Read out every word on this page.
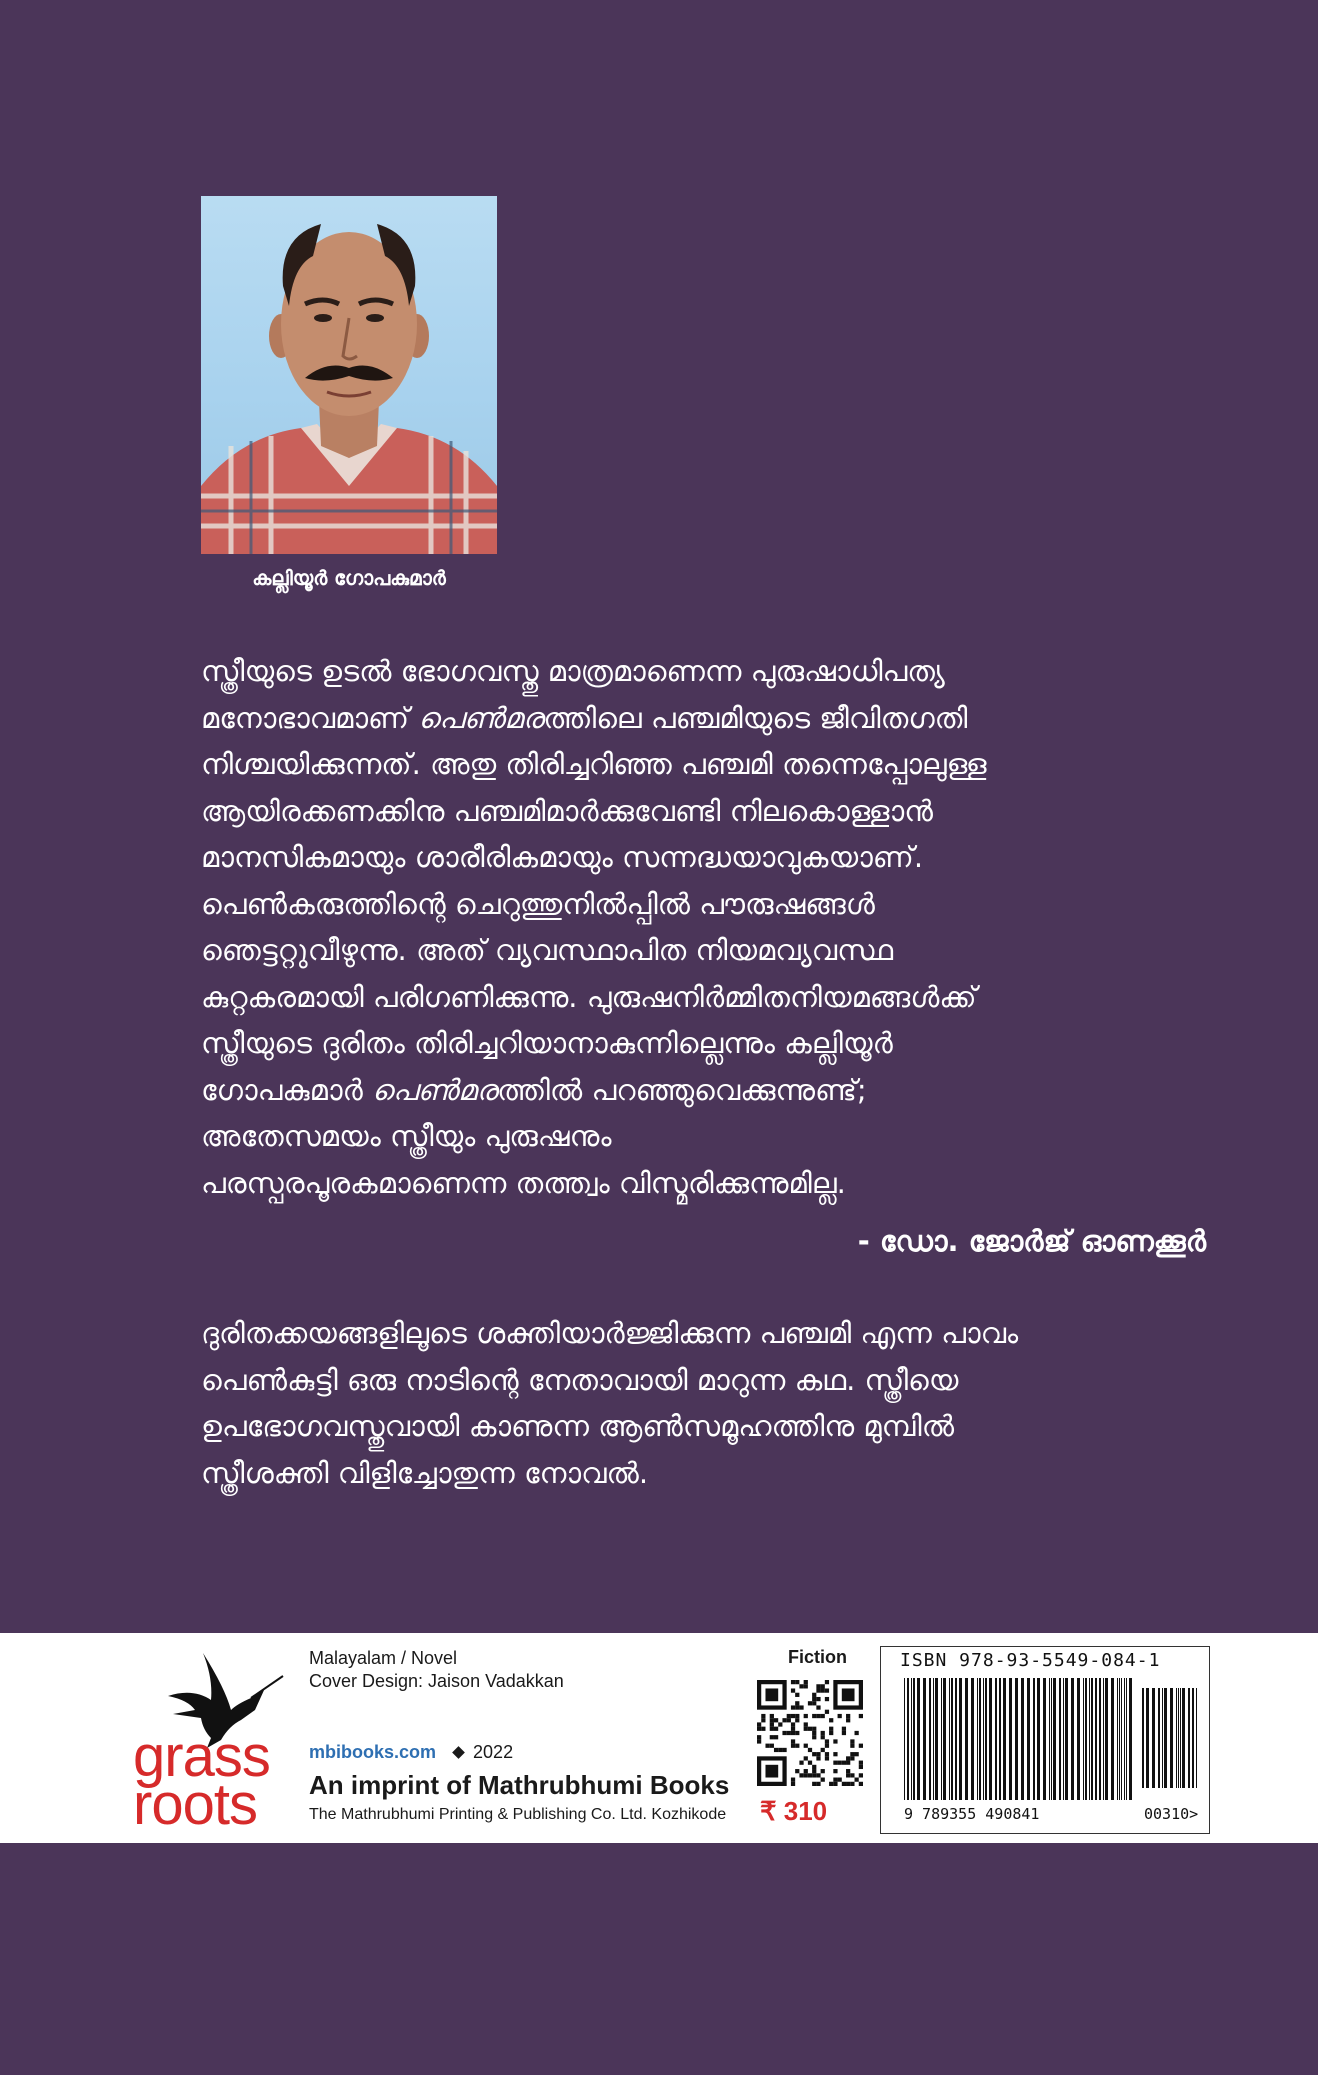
കല്ലിയൂർ ഗോപകുമാർ
സ്ത്രീയുടെ ഉടൽ ഭോഗവസ്തു മാത്രമാണെന്ന പുരുഷാധിപത്യ
മനോഭാവമാണ് പെൺമരത്തിലെ പഞ്ചമിയുടെ ജീവിതഗതി
നിശ്ചയിക്കുന്നത്. അതു തിരിച്ചറിഞ്ഞ പഞ്ചമി തന്നെപ്പോലുള്ള
ആയിരക്കണക്കിനു പഞ്ചമിമാർക്കുവേണ്ടി നിലകൊള്ളാൻ
മാനസികമായും ശാരീരികമായും സന്നദ്ധയാവുകയാണ്.
പെൺകരുത്തിന്റെ ചെറുത്തുനിൽപ്പിൽ പൗരുഷങ്ങൾ
ഞെട്ടറ്റുവീഴുന്നു. അത് വ്യവസ്ഥാപിത നിയമവ്യവസ്ഥ
കുറ്റകരമായി പരിഗണിക്കുന്നു. പുരുഷനിർമ്മിതനിയമങ്ങൾക്ക്
സ്ത്രീയുടെ ദുരിതം തിരിച്ചറിയാനാകുന്നില്ലെന്നും കല്ലിയൂർ
ഗോപകുമാർ പെൺമരത്തിൽ പറഞ്ഞുവെക്കുന്നുണ്ട്;
അതേസമയം സ്ത്രീയും പുരുഷനും
പരസ്പരപൂരകമാണെന്ന തത്ത്വം വിസ്മരിക്കുന്നുമില്ല.
- ഡോ. ജോർജ് ഓണക്കൂർ
ദുരിതക്കയങ്ങളിലൂടെ ശക്തിയാർജ്ജിക്കുന്ന പഞ്ചമി എന്ന പാവം
പെൺകുട്ടി ഒരു നാടിന്റെ നേതാവായി മാറുന്ന കഥ. സ്ത്രീയെ
ഉപഭോഗവസ്തുവായി കാണുന്ന ആൺസമൂഹത്തിനു മുമ്പിൽ
സ്ത്രീശക്തി വിളിച്ചോതുന്ന നോവൽ.
grass
roots
Malayalam / Novel
Cover Design: Jaison Vadakkan
mbibooks.com 2022
An imprint of Mathrubhumi Books
The Mathrubhumi Printing & Publishing Co. Ltd. Kozhikode
Fiction
₹ 310
ISBN 978-93-5549-084-1
9 789355 490841	00310>
